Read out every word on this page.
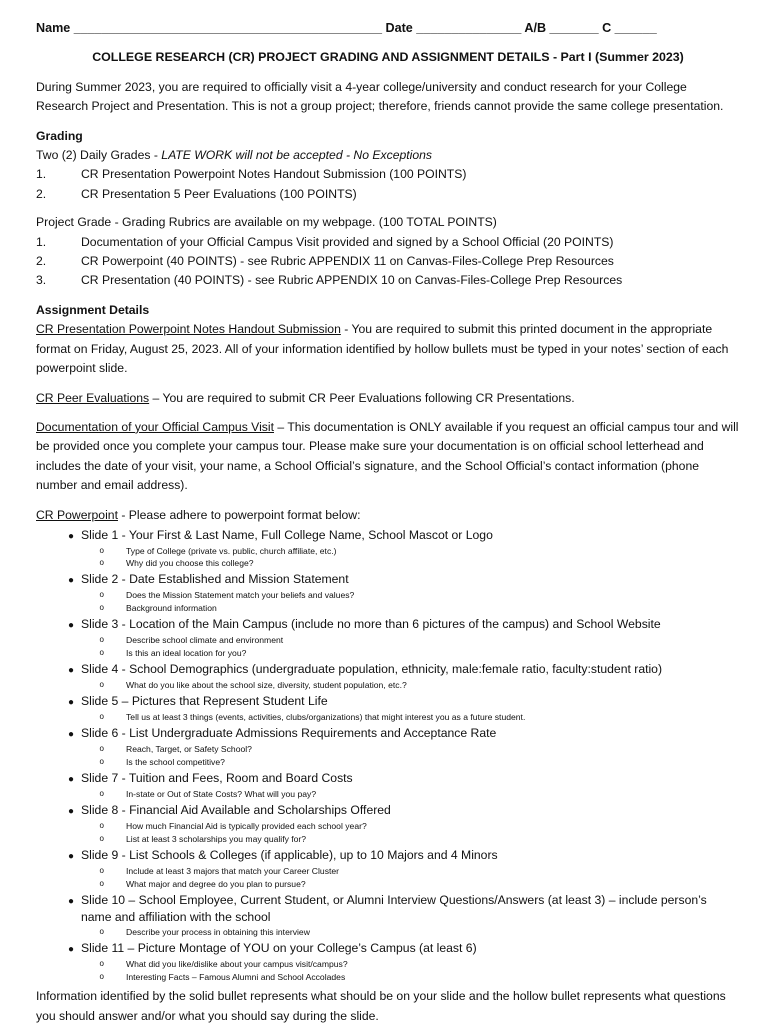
Name ____________________________________________ Date _______________ A/B _______ C ______
COLLEGE RESEARCH (CR) PROJECT GRADING AND ASSIGNMENT DETAILS - Part I (Summer 2023)
During Summer 2023, you are required to officially visit a 4-year college/university and conduct research for your College Research Project and Presentation. This is not a group project; therefore, friends cannot provide the same college presentation.
Grading
Two (2) Daily Grades - LATE WORK will not be accepted - No Exceptions
1.	CR Presentation Powerpoint Notes Handout Submission (100 POINTS)
2.	CR Presentation 5 Peer Evaluations (100 POINTS)
Project Grade - Grading Rubrics are available on my webpage. (100 TOTAL POINTS)
1.	Documentation of your Official Campus Visit provided and signed by a School Official (20 POINTS)
2.	CR Powerpoint (40 POINTS) - see Rubric APPENDIX 11 on Canvas-Files-College Prep Resources
3.	CR Presentation (40 POINTS) - see Rubric APPENDIX 10 on Canvas-Files-College Prep Resources
Assignment Details
CR Presentation Powerpoint Notes Handout Submission - You are required to submit this printed document in the appropriate format on Friday, August 25, 2023. All of your information identified by hollow bullets must be typed in your notes’ section of each powerpoint slide.
CR Peer Evaluations – You are required to submit CR Peer Evaluations following CR Presentations.
Documentation of your Official Campus Visit – This documentation is ONLY available if you request an official campus tour and will be provided once you complete your campus tour. Please make sure your documentation is on official school letterhead and includes the date of your visit, your name, a School Official’s signature, and the School Official’s contact information (phone number and email address).
CR Powerpoint - Please adhere to powerpoint format below:
● Slide 1 - Your First & Last Name, Full College Name, School Mascot or Logo
o	Type of College (private vs. public, church affiliate, etc.)
o	Why did you choose this college?
● Slide 2 - Date Established and Mission Statement
o	Does the Mission Statement match your beliefs and values?
o	Background information
● Slide 3 - Location of the Main Campus (include no more than 6 pictures of the campus) and School Website
o	Describe school climate and environment
o	Is this an ideal location for you?
● Slide 4 - School Demographics (undergraduate population, ethnicity, male:female ratio, faculty:student ratio)
o	What do you like about the school size, diversity, student population, etc.?
● Slide 5 – Pictures that Represent Student Life
o	Tell us at least 3 things (events, activities, clubs/organizations) that might interest you as a future student.
● Slide 6 - List Undergraduate Admissions Requirements and Acceptance Rate
o	Reach, Target, or Safety School?
o	Is the school competitive?
● Slide 7 - Tuition and Fees, Room and Board Costs
o	In-state or Out of State Costs? What will you pay?
● Slide 8 - Financial Aid Available and Scholarships Offered
o	How much Financial Aid is typically provided each school year?
o	List at least 3 scholarships you may qualify for?
● Slide 9 - List Schools & Colleges (if applicable), up to 10 Majors and 4 Minors
o	Include at least 3 majors that match your Career Cluster
o	What major and degree do you plan to pursue?
● Slide 10 – School Employee, Current Student, or Alumni Interview Questions/Answers (at least 3) – include person’s name and affiliation with the school
o	Describe your process in obtaining this interview
● Slide 11 – Picture Montage of YOU on your College’s Campus (at least 6)
o	What did you like/dislike about your campus visit/campus?
o	Interesting Facts – Famous Alumni and School Accolades
Information identified by the solid bullet represents what should be on your slide and the hollow bullet represents what questions you should answer and/or what you should say during the slide.
